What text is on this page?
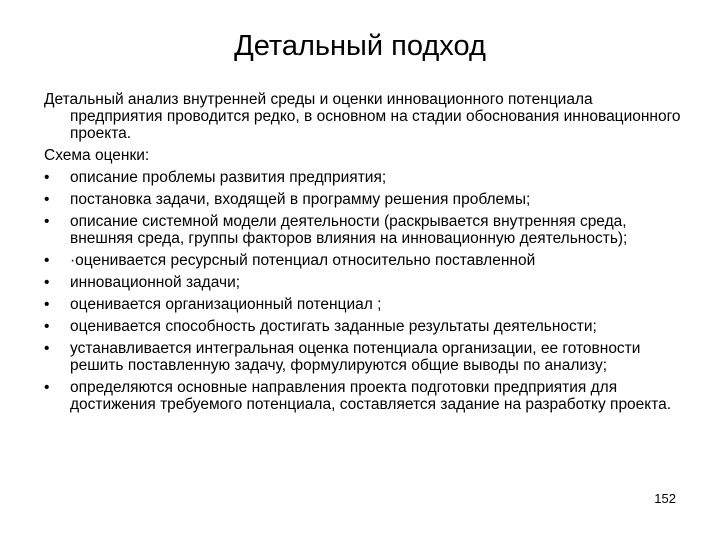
Детальный подход

Детальный анализ внутренней среды и оценки инновационного потенциала предприятия проводится редко, в основном на стадии обоснования инновационного проекта.

Схема оценки:

•	описание проблемы развития предприятия;
•	постановка задачи, входящей в программу решения проблемы;
•	описание системной модели деятельности (раскрывается внутренняя среда, внешняя среда, группы факторов влияния на инновационную деятельность);
•	·оценивается ресурсный потенциал относительно поставленной
•	инновационной задачи;
•	оценивается организационный потенциал ;
•	оценивается способность достигать заданные результаты деятельности;
•	устанавливается интегральная оценка потенциала организации, ее готовности решить поставленную задачу, формулируются общие выводы по анализу;
•	определяются основные направления проекта подготовки предприятия для достижения требуемого потенциала, составляется задание на разработку проекта.
152
